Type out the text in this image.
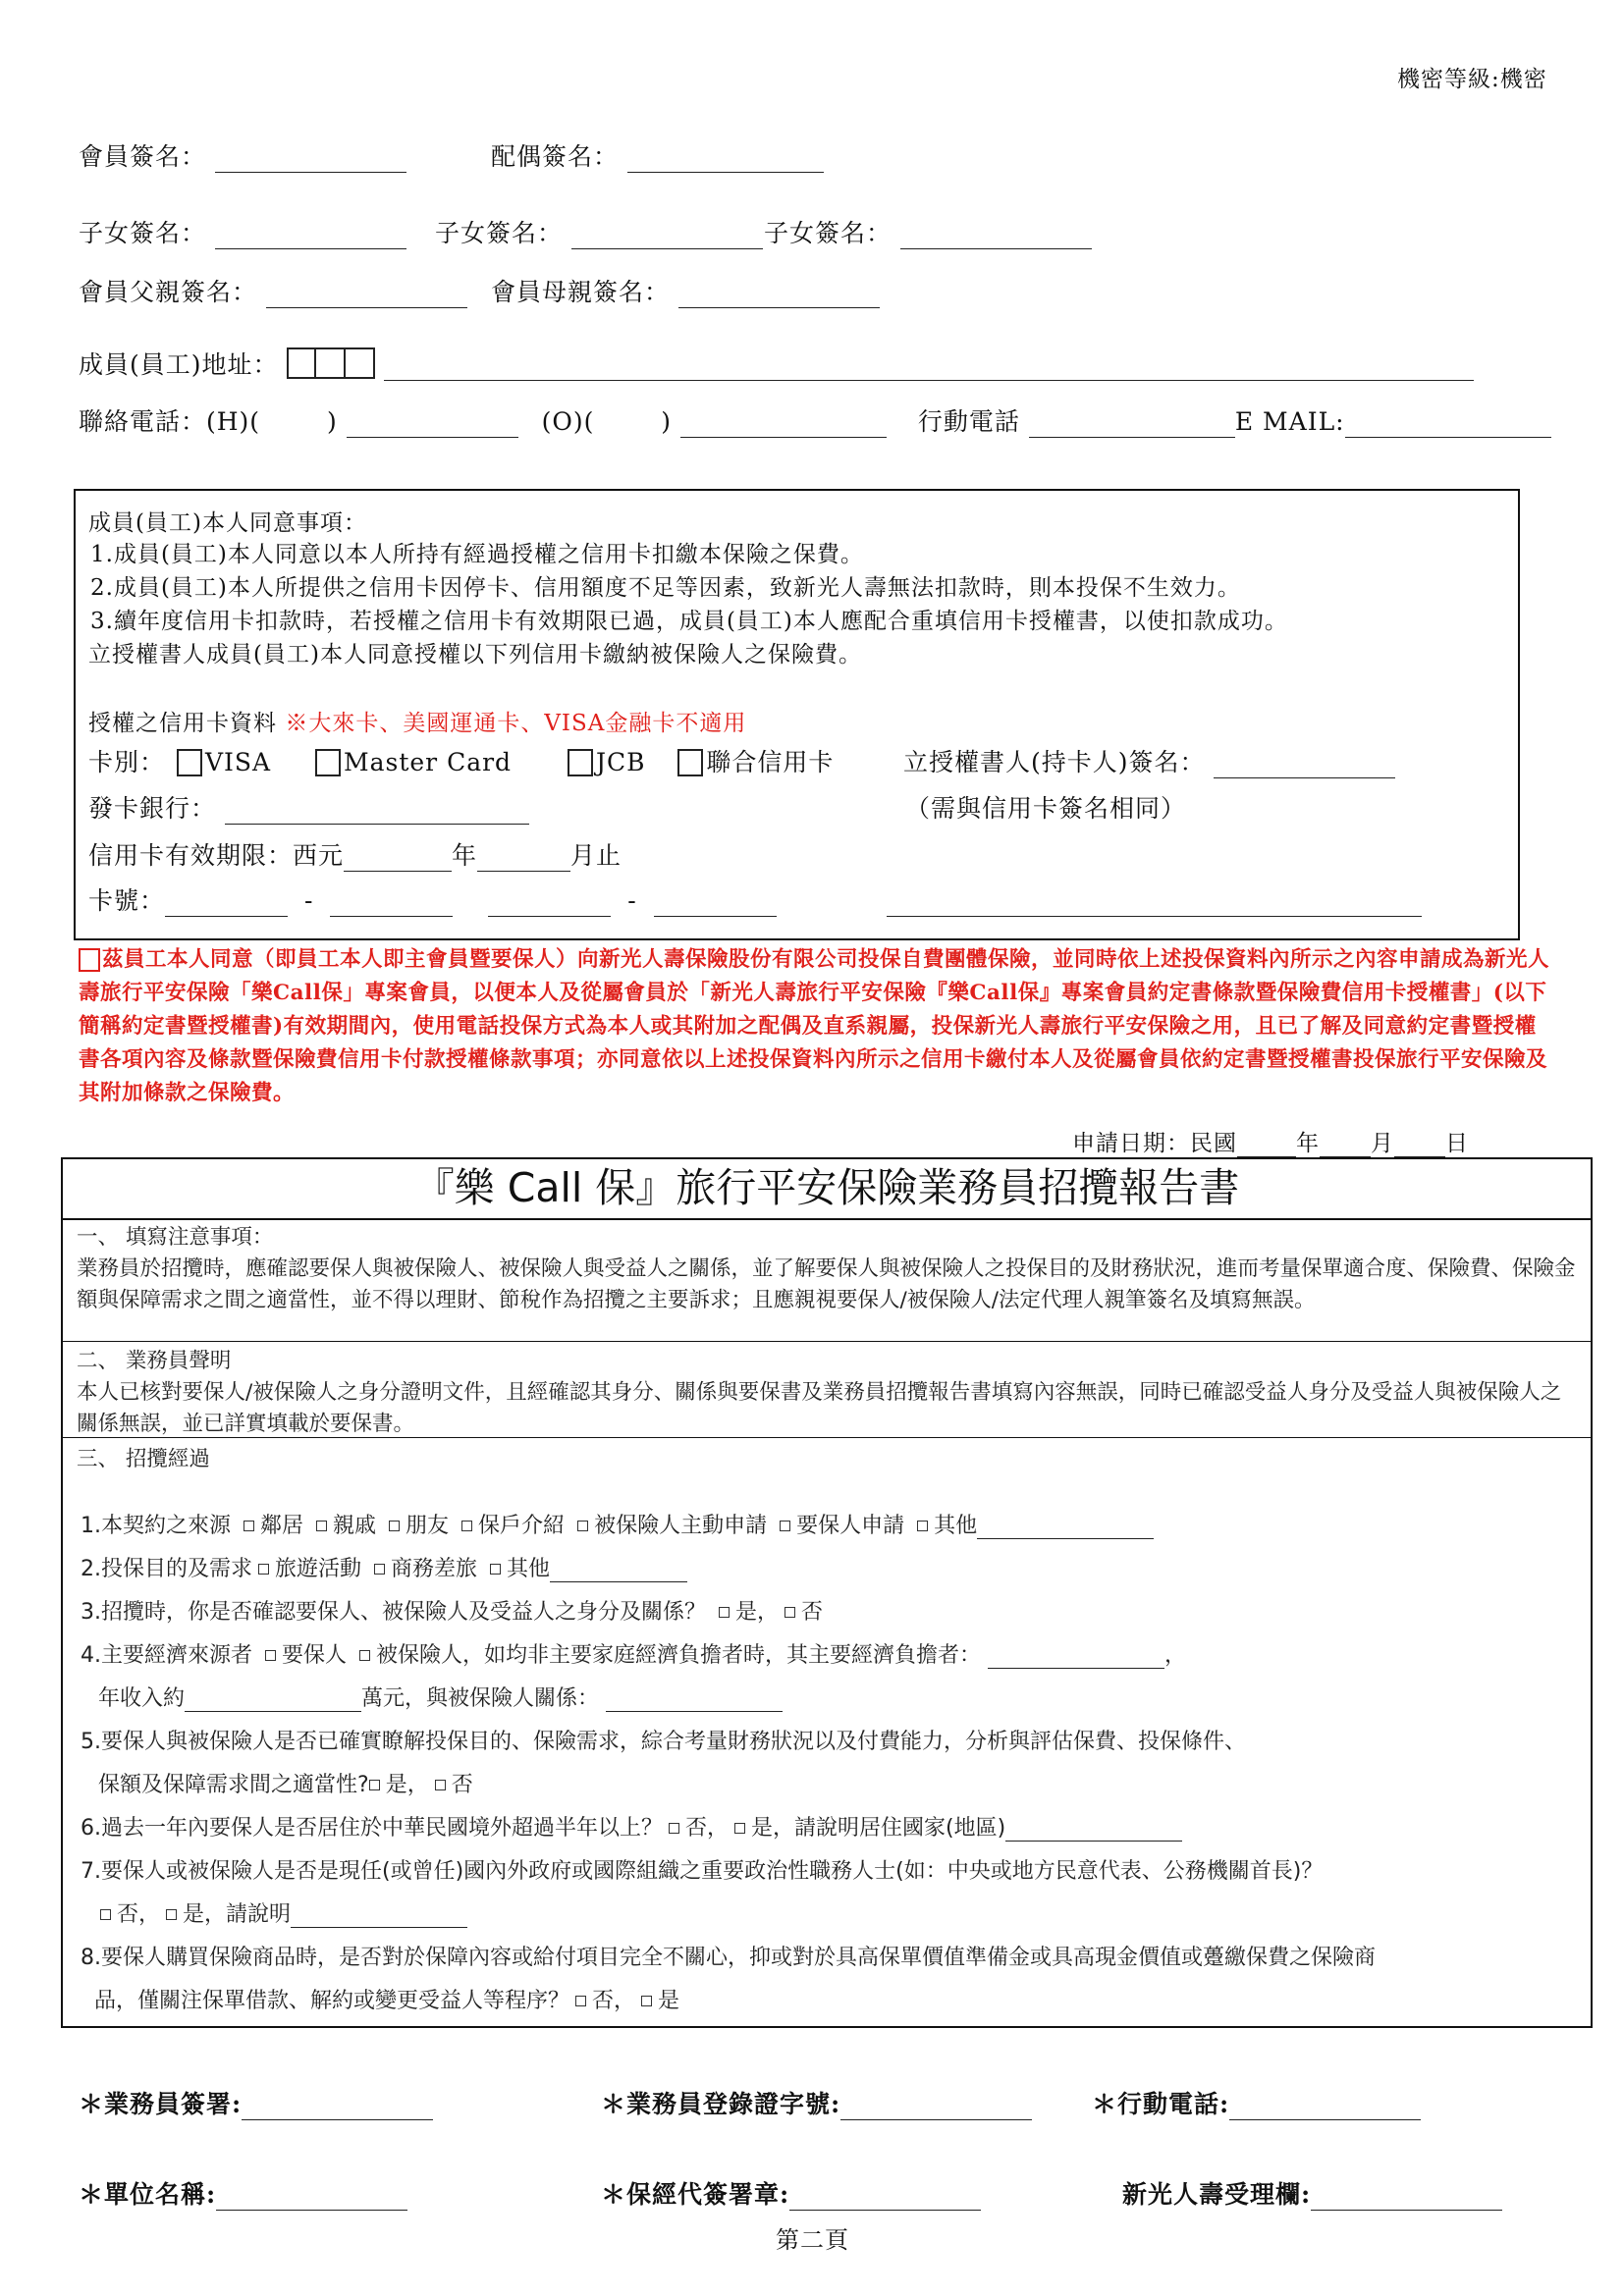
機密等級:機密
會員簽名：	配偶簽名：
子女簽名：	子女簽名：	子女簽名：
會員父親簽名：	會員母親簽名：
成員(員工)地址：
聯絡電話：(H)(	)	(O)(	)	行動電話	E MAIL:
成員(員工)本人同意事項：
1.成員(員工)本人同意以本人所持有經過授權之信用卡扣繳本保險之保費。
2.成員(員工)本人所提供之信用卡因停卡、信用額度不足等因素，致新光人壽無法扣款時，則本投保不生效力。
3.續年度信用卡扣款時，若授權之信用卡有效期限已過，成員(員工)本人應配合重填信用卡授權書，以使扣款成功。
立授權書人成員(員工)本人同意授權以下列信用卡繳納被保險人之保險費。
授權之信用卡資料 ※大來卡、美國運通卡、VISA金融卡不適用
卡別： VISA	Master Card	JCB 聯合信用卡	立授權書人(持卡人)簽名：
發卡銀行：	（需與信用卡簽名相同）
信用卡有效期限：西元	年	月止
卡號：	-	-
茲員工本人同意（即員工本人即主會員暨要保人）向新光人壽保險股份有限公司投保自費團體保險，並同時依上述投保資料內所示之內容申請成為新光人壽旅行平安保險「樂Call保」專案會員，以便本人及從屬會員於「新光人壽旅行平安保險『樂Call保』專案會員約定書條款暨保險費信用卡授權書」(以下簡稱約定書暨授權書)有效期間內，使用電話投保方式為本人或其附加之配偶及直系親屬，投保新光人壽旅行平安保險之用，且已了解及同意約定書暨授權書各項內容及條款暨保險費信用卡付款授權條款事項；亦同意依以上述投保資料內所示之信用卡繳付本人及從屬會員依約定書暨授權書投保旅行平安保險及其附加條款之保險費。
申請日期：民國	年 月 日
『樂 Call 保』旅行平安保險業務員招攬報告書
一、 填寫注意事項：
業務員於招攬時，應確認要保人與被保險人、被保險人與受益人之關係，並了解要保人與被保險人之投保目的及財務狀況，進而考量保單適合度、保險費、保險金額與保障需求之間之適當性，並不得以理財、節稅作為招攬之主要訴求；且應親視要保人/被保險人/法定代理人親筆簽名及填寫無誤。
二、 業務員聲明
本人已核對要保人/被保險人之身分證明文件，且經確認其身分、關係與要保書及業務員招攬報告書填寫內容無誤，同時已確認受益人身分及受益人與被保險人之關係無誤，並已詳實填載於要保書。
三、 招攬經過
1.本契約之來源 鄰居 親戚 朋友 保戶介紹 被保險人主動申請 要保人申請 其他
2.投保目的及需求 旅遊活動 商務差旅 其他
3.招攬時，你是否確認要保人、被保險人及受益人之身分及關係？ 是， 否
4.主要經濟來源者 要保人 被保險人，如均非主要家庭經濟負擔者時，其主要經濟負擔者：	，
年收入約	萬元，與被保險人關係：
5.要保人與被保險人是否已確實瞭解投保目的、保險需求，綜合考量財務狀況以及付費能力，分析與評估保費、投保條件、
保額及保障需求間之適當性? 是， 否
6.過去一年內要保人是否居住於中華民國境外超過半年以上？ 否， 是，請說明居住國家(地區)
7.要保人或被保險人是否是現任(或曾任)國內外政府或國際組織之重要政治性職務人士(如：中央或地方民意代表、公務機關首長)？
否， 是，請說明
8.要保人購買保險商品時，是否對於保障內容或給付項目完全不關心，抑或對於具高保單價值準備金或具高現金價值或躉繳保費之保險商
品，僅關注保單借款、解約或變更受益人等程序？ 否， 是
＊業務員簽署:	＊業務員登錄證字號:	＊行動電話:
＊單位名稱:	＊保經代簽署章:	新光人壽受理欄:
第二頁
